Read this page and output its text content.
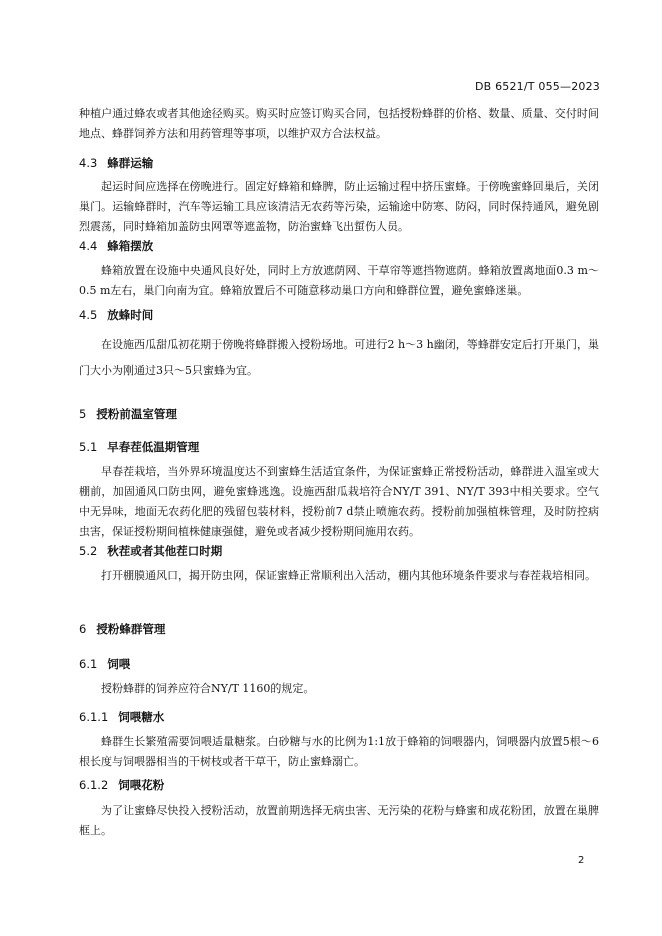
DB 6521/T 055—2023

种植户通过蜂农或者其他途径购买。购买时应签订购买合同，包括授粉蜂群的价格、数量、质量、交付时间地点、蜂群饲养方法和用药管理等事项，以维护双方合法权益。

4.3 蜂群运输

起运时间应选择在傍晚进行。固定好蜂箱和蜂脾，防止运输过程中挤压蜜蜂。于傍晚蜜蜂回巢后，关闭巢门。运输蜂群时，汽车等运输工具应该清洁无农药等污染，运输途中防寒、防闷，同时保持通风，避免剧烈震荡，同时蜂箱加盖防虫网罩等遮盖物，防治蜜蜂飞出蜇伤人员。

4.4 蜂箱摆放

蜂箱放置在设施中央通风良好处，同时上方放遮荫网、干草帘等遮挡物遮荫。蜂箱放置离地面0.3 m～0.5 m左右，巢门向南为宜。蜂箱放置后不可随意移动巢口方向和蜂群位置，避免蜜蜂迷巢。

4.5 放蜂时间

在设施西瓜甜瓜初花期于傍晚将蜂群搬入授粉场地。可进行2 h～3 h幽闭，等蜂群安定后打开巢门，巢门大小为刚通过3只～5只蜜蜂为宜。

5 授粉前温室管理
5.1 早春茬低温期管理

早春茬栽培，当外界环境温度达不到蜜蜂生活适宜条件，为保证蜜蜂正常授粉活动，蜂群进入温室或大棚前，加固通风口防虫网，避免蜜蜂逃逸。设施西甜瓜栽培符合NY/T 391、NY/T 393中相关要求。空气中无异味，地面无农药化肥的残留包装材料，授粉前7 d禁止喷施农药。授粉前加强植株管理，及时防控病虫害，保证授粉期间植株健康强健，避免或者减少授粉期间施用农药。

5.2 秋茬或者其他茬口时期

打开棚膜通风口，揭开防虫网，保证蜜蜂正常顺利出入活动，棚内其他环境条件要求与春茬栽培相同。

6 授粉蜂群管理
6.1 饲喂

授粉蜂群的饲养应符合NY/T 1160的规定。

6.1.1 饲喂糖水

蜂群生长繁殖需要饲喂适量糖浆。白砂糖与水的比例为1:1放于蜂箱的饲喂器内，饲喂器内放置5根～6根长度与饲喂器相当的干树枝或者干草干，防止蜜蜂溺亡。

6.1.2 饲喂花粉

为了让蜜蜂尽快投入授粉活动，放置前期选择无病虫害、无污染的花粉与蜂蜜和成花粉团，放置在巢脾框上。

2
